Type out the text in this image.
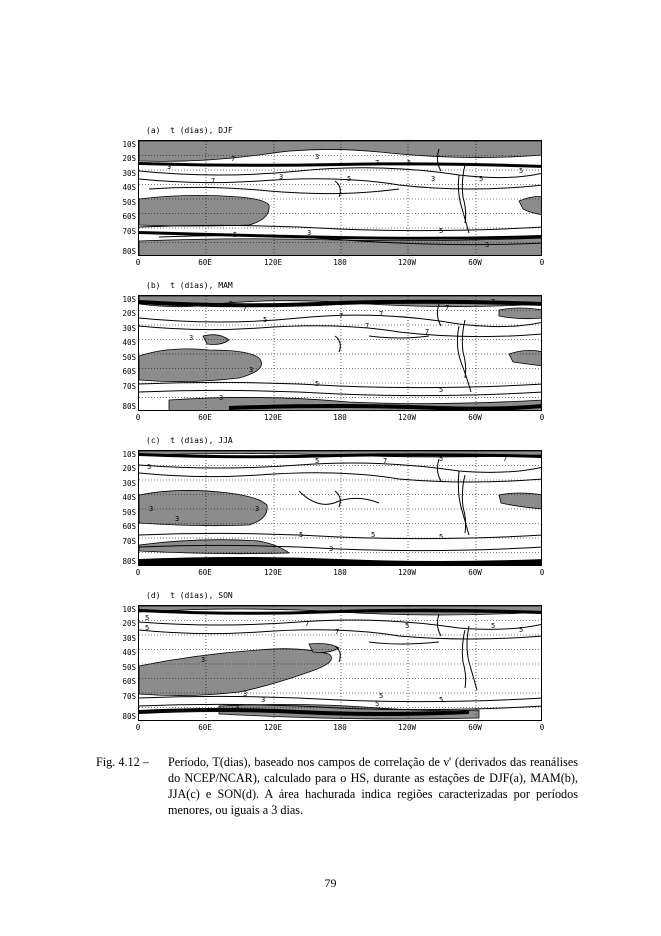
(a)  t (dias), DJF
3
7	3
7
5
3
7	5
3
5
5	3	5
3
5
10S
20S
30S
40S
50S
60S
70S
80S
0	60E	120E	180	120W	60W	0
(b)  t (dias), MAM
7
5
7	7
7
3
5
7
3
5
5
3
7
7
10S
20S
30S
40S
50S
60S
70S
80S
0	60E	120E	180	120W	60W	0
(c)  t (dias), JJA
5
5	7	5	7
3
3
3
5	5	5
3
10S
20S
30S
40S
50S
60S
70S
80S
0	60E	120E	180	120W	60W	0
(d)  t (dias), SON
5
5
7
7
5
3
3	5
5
3	5
3
5	5
10S
20S
30S
40S
50S
60S
70S
80S
0	60E	120E	180	120W	60W	0
Fig. 4.12 – Período, T(dias), baseado nos campos de correlação de ν' (derivados das reanálises do NCEP/NCAR), calculado para o HS, durante as estações de DJF(a), MAM(b), JJA(c) e SON(d). A área hachurada indica regiões caracterizadas por períodos menores, ou iguais a 3 dias.
79
